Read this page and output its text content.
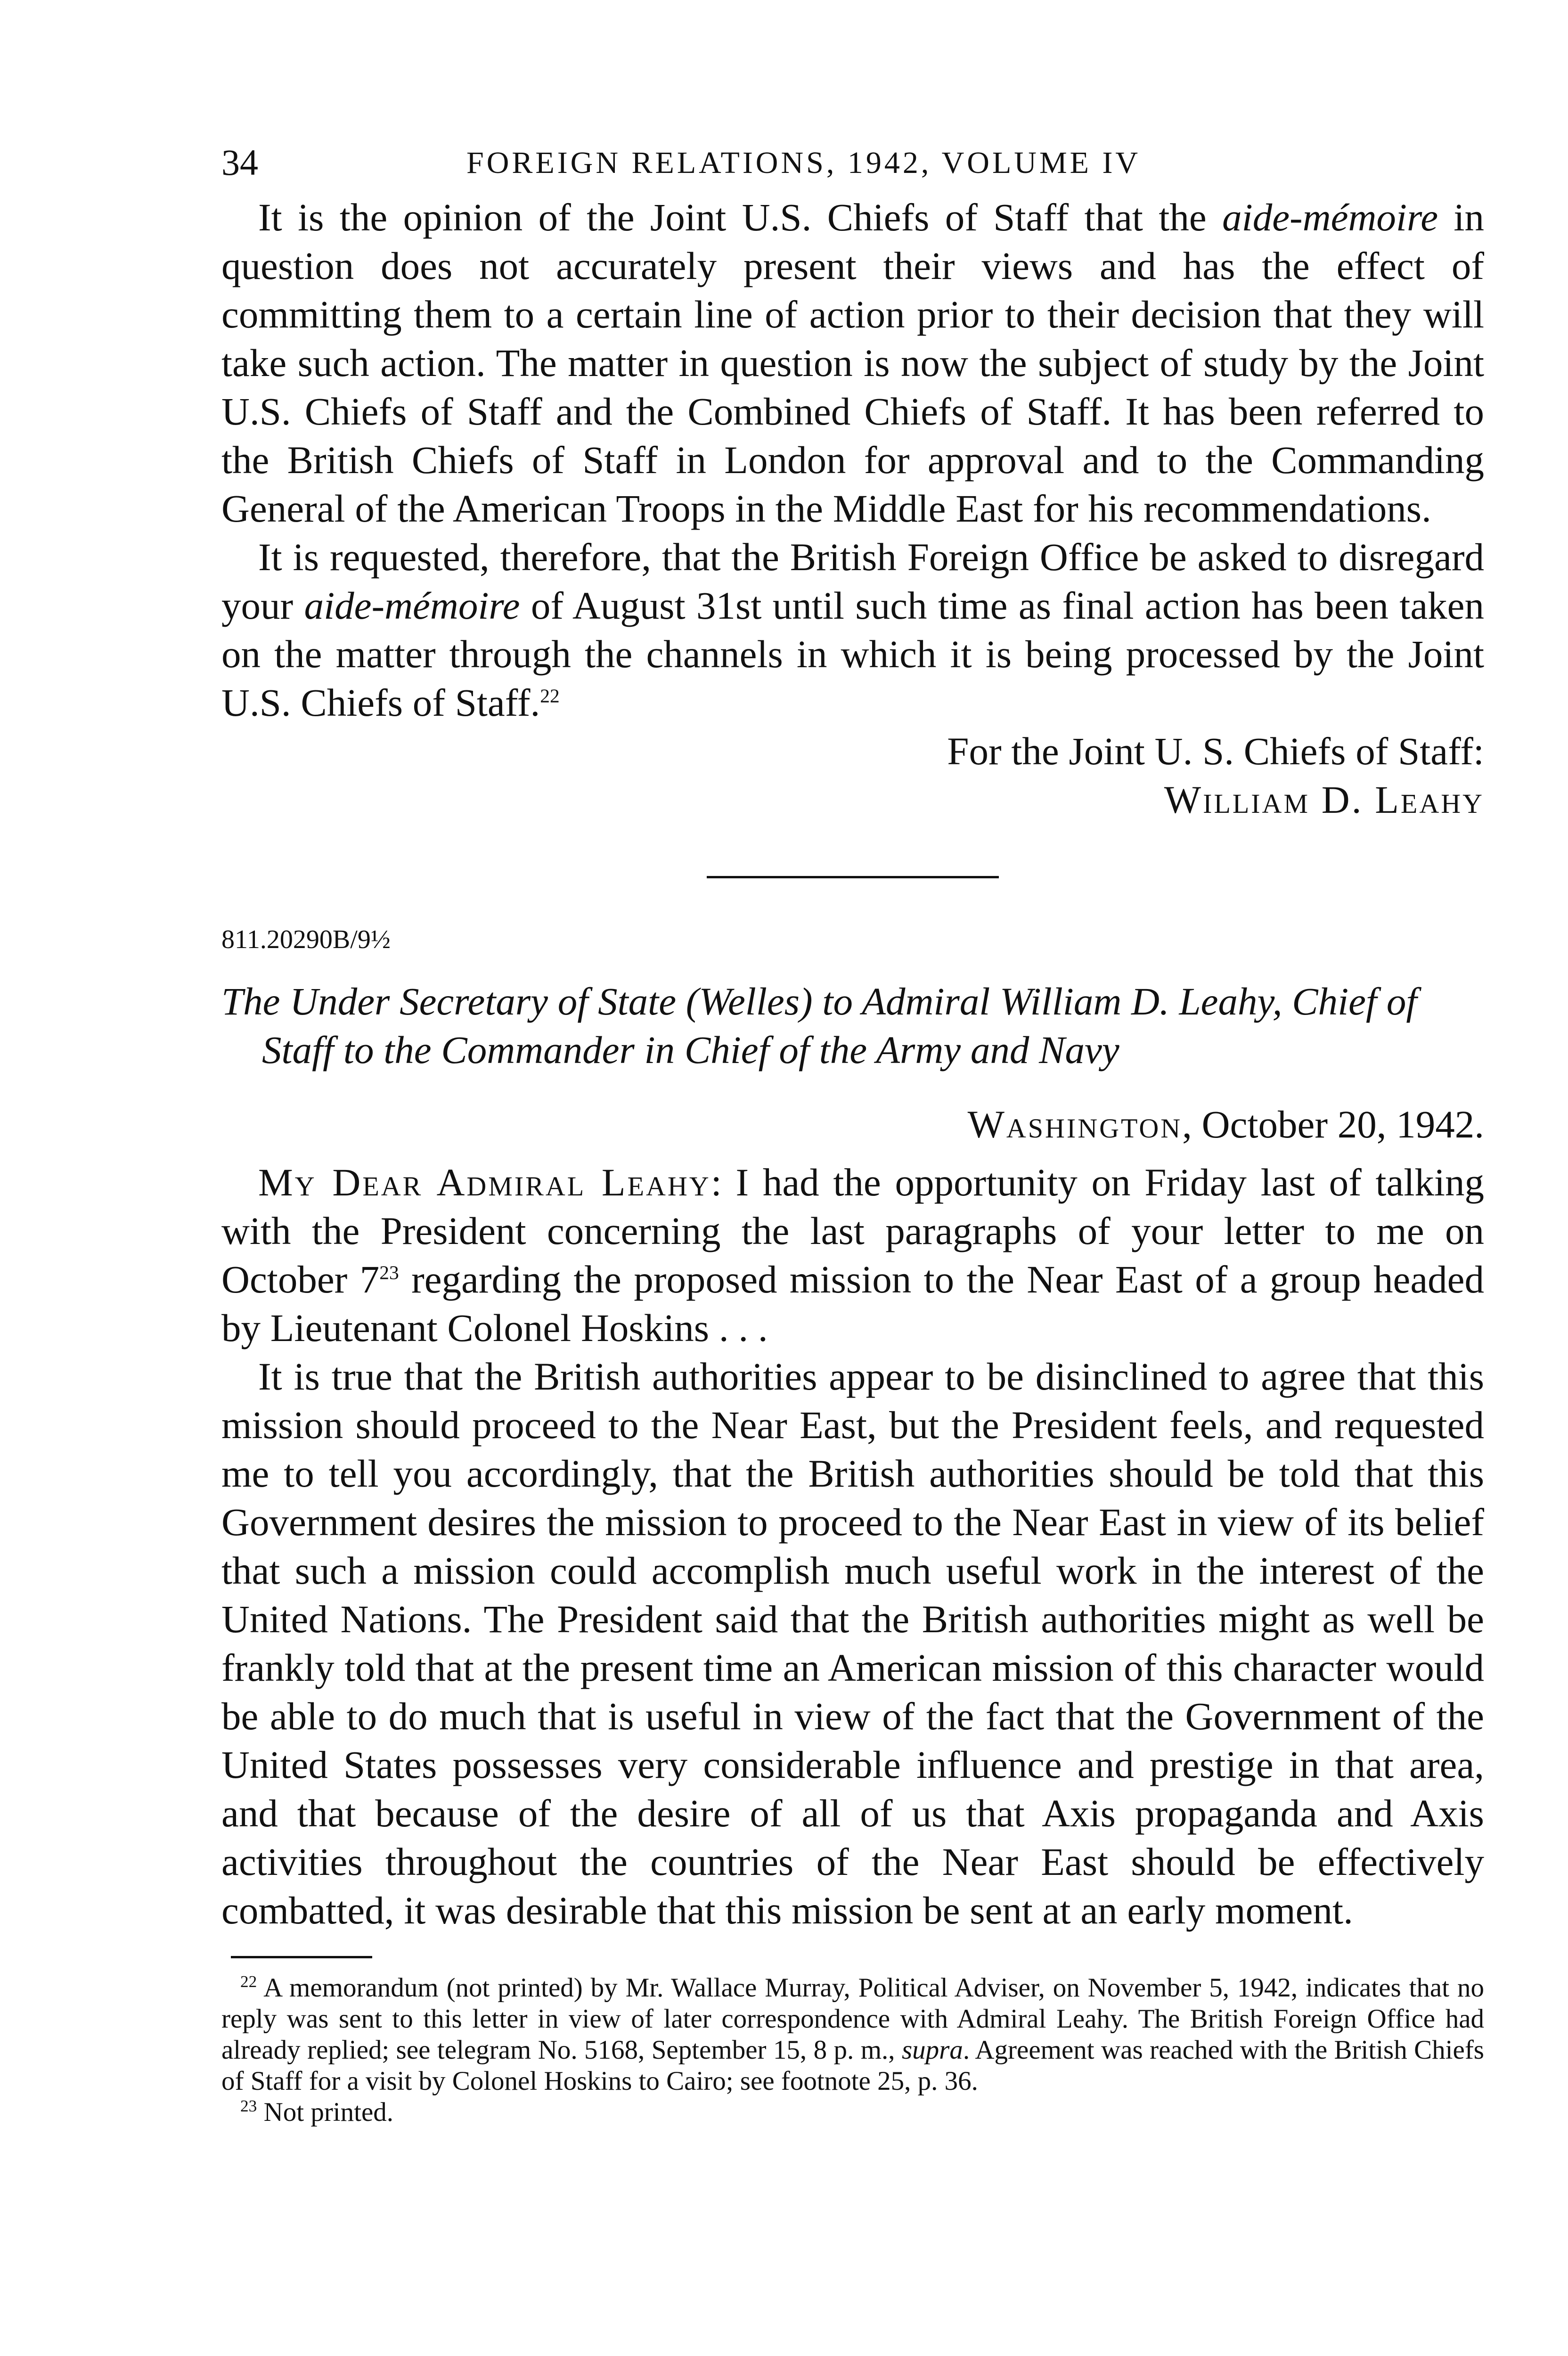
34	FOREIGN RELATIONS, 1942, VOLUME IV

It is the opinion of the Joint U.S. Chiefs of Staff that the aide-mémoire in question does not accurately present their views and has the effect of committing them to a certain line of action prior to their decision that they will take such action. The matter in question is now the subject of study by the Joint U.S. Chiefs of Staff and the Combined Chiefs of Staff. It has been referred to the British Chiefs of Staff in London for approval and to the Commanding General of the American Troops in the Middle East for his recommendations.

It is requested, therefore, that the British Foreign Office be asked to disregard your aide-mémoire of August 31st until such time as final action has been taken on the matter through the channels in which it is being processed by the Joint U.S. Chiefs of Staff.$^{22}$

For the Joint U. S. Chiefs of Staff:
William D. Leahy
811.20290B/9½
The Under Secretary of State (Welles) to Admiral William D. Leahy, Chief of Staff to the Commander in Chief of the Army and Navy
Washington, October 20, 1942.

My Dear Admiral Leahy: I had the opportunity on Friday last of talking with the President concerning the last paragraphs of your letter to me on October $7^{23}$ regarding the proposed mission to the Near East of a group headed by Lieutenant Colonel Hoskins . . .

It is true that the British authorities appear to be disinclined to agree that this mission should proceed to the Near East, but the President feels, and requested me to tell you accordingly, that the British authorities should be told that this Government desires the mission to proceed to the Near East in view of its belief that such a mission could accomplish much useful work in the interest of the United Nations. The President said that the British authorities might as well be frankly told that at the present time an American mission of this character would be able to do much that is useful in view of the fact that the Government of the United States possesses very considerable influence and prestige in that area, and that because of the desire of all of us that Axis propaganda and Axis activities throughout the countries of the Near East should be effectively combatted, it was desirable that this mission be sent at an early moment.

$^{22}$ A memorandum (not printed) by Mr. Wallace Murray, Political Adviser, on November 5, 1942, indicates that no reply was sent to this letter in view of later correspondence with Admiral Leahy. The British Foreign Office had already replied; see telegram No. 5168, September 15, 8 p. m., supra. Agreement was reached with the British Chiefs of Staff for a visit by Colonel Hoskins to Cairo; see footnote 25, p. 36.

$^{23}$ Not printed.
